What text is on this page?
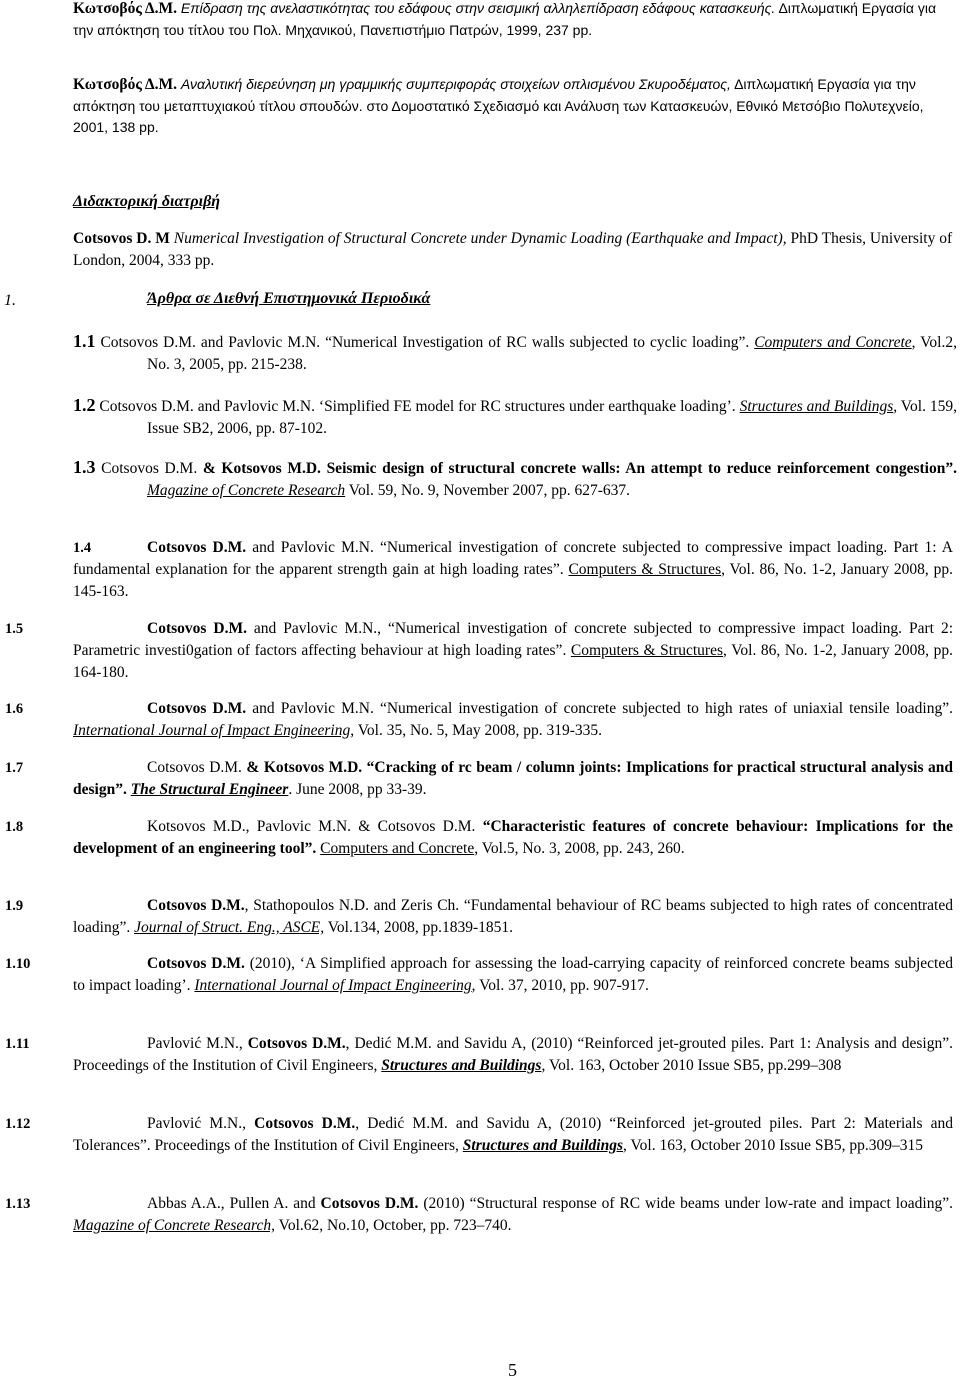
Κωτσοβός Δ.Μ. Επίδραση της ανελαστικότητας του εδάφους στην σεισμική αλληλεπίδραση εδάφους κατασκευής. Διπλωματική Εργασία για την απόκτηση του τίτλου του Πολ. Μηχανικού, Πανεπιστήμιο Πατρών, 1999, 237 pp.
Κωτσοβός Δ.Μ. Αναλυτική διερεύνηση μη γραμμικής συμπεριφοράς στοιχείων οπλισμένου Σκυροδέματος, Διπλωματική Εργασία για την απόκτηση του μεταπτυχιακού τίτλου σπουδών. στο Δομοστατικό Σχεδιασμό και Ανάλυση των Κατασκευών, Εθνικό Μετσόβιο Πολυτεχνείο, 2001, 138 pp.
Διδακτορική διατριβή
Cotsovos D. M Numerical Investigation of Structural Concrete under Dynamic Loading (Earthquake and Impact), PhD Thesis, University of London, 2004, 333 pp.
1.	Άρθρα σε Διεθνή Επιστημονικά Περιοδικά
1.1 Cotsovos D.M. and Pavlovic M.N. “Numerical Investigation of RC walls subjected to cyclic loading”. Computers and Concrete, Vol.2, No. 3, 2005, pp. 215-238.
1.2 Cotsovos D.M. and Pavlovic M.N. ‘Simplified FE model for RC structures under earthquake loading’. Structures and Buildings, Vol. 159, Issue SB2, 2006, pp. 87-102.
1.3 Cotsovos D.M. & Kotsovos M.D. Seismic design of structural concrete walls: An attempt to reduce reinforcement congestion”. Magazine of Concrete Research Vol. 59, No. 9, November 2007, pp. 627-637.
1.4	Cotsovos D.M. and Pavlovic M.N. “Numerical investigation of concrete subjected to compressive impact loading. Part 1: A fundamental explanation for the apparent strength gain at high loading rates”. Computers & Structures, Vol. 86, No. 1-2, January 2008, pp. 145-163.
1.5	Cotsovos D.M. and Pavlovic M.N., “Numerical investigation of concrete subjected to compressive impact loading. Part 2: Parametric investi0gation of factors affecting behaviour at high loading rates”. Computers & Structures, Vol. 86, No. 1-2, January 2008, pp. 164-180.
1.6	Cotsovos D.M. and Pavlovic M.N. “Numerical investigation of concrete subjected to high rates of uniaxial tensile loading”. International Journal of Impact Engineering, Vol. 35, No. 5, May 2008, pp. 319-335.
1.7	Cotsovos D.M. & Kotsovos M.D. “Cracking of rc beam / column joints: Implications for practical structural analysis and design”. The Structural Engineer. June 2008, pp 33-39.
1.8	Kotsovos M.D., Pavlovic M.N. & Cotsovos D.M. “Characteristic features of concrete behaviour: Implications for the development of an engineering tool”. Computers and Concrete, Vol.5, No. 3, 2008, pp. 243, 260.
1.9	Cotsovos D.M., Stathopoulos N.D. and Zeris Ch. “Fundamental behaviour of RC beams subjected to high rates of concentrated loading”. Journal of Struct. Eng., ASCE, Vol.134, 2008, pp.1839-1851.
1.10	Cotsovos D.M. (2010), ‘A Simplified approach for assessing the load-carrying capacity of reinforced concrete beams subjected to impact loading’. International Journal of Impact Engineering, Vol. 37, 2010, pp. 907-917.
1.11	Pavlović M.N., Cotsovos D.M., Dedić M.M. and Savidu A, (2010) “Reinforced jet-grouted piles. Part 1: Analysis and design”. Proceedings of the Institution of Civil Engineers, Structures and Buildings, Vol. 163, October 2010 Issue SB5, pp.299–308
1.12	Pavlović M.N., Cotsovos D.M., Dedić M.M. and Savidu A, (2010) “Reinforced jet-grouted piles. Part 2: Materials and Tolerances”. Proceedings of the Institution of Civil Engineers, Structures and Buildings, Vol. 163, October 2010 Issue SB5, pp.309–315
1.13	Abbas A.A., Pullen A. and Cotsovos D.M. (2010) “Structural response of RC wide beams under low-rate and impact loading”. Magazine of Concrete Research, Vol.62, No.10, October, pp. 723–740.
5
